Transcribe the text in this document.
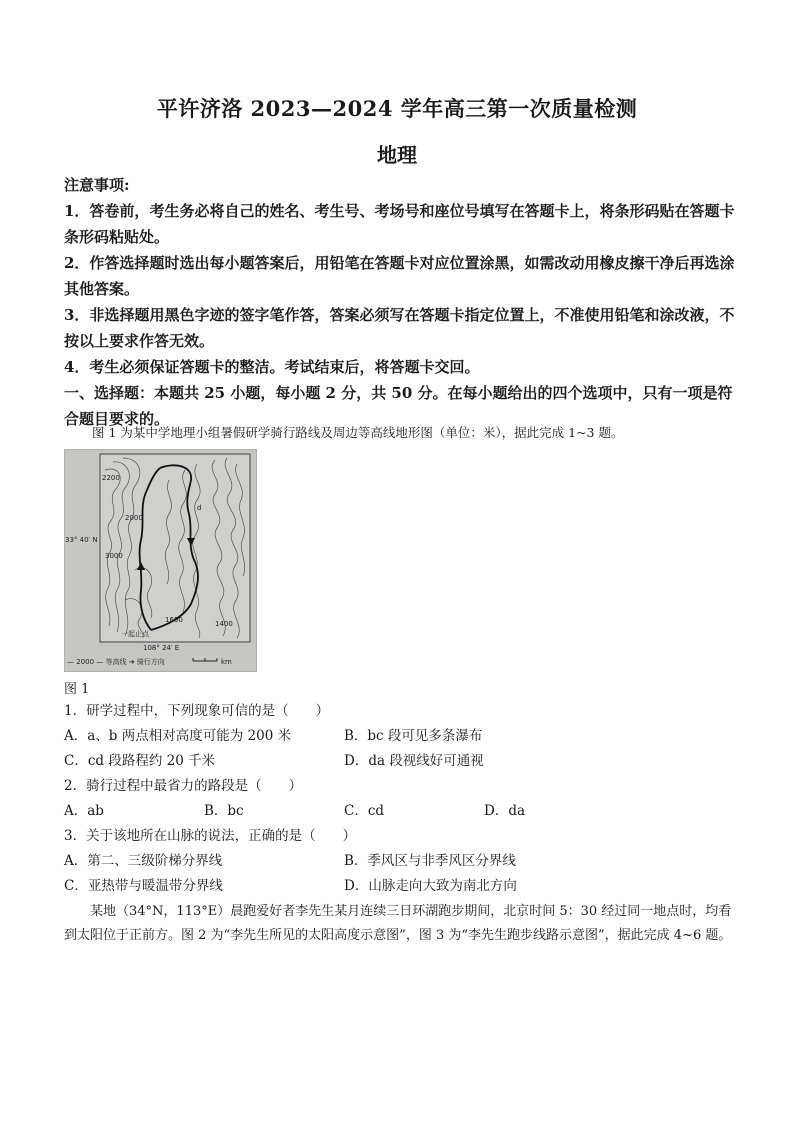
平许济洛 2023—2024 学年高三第一次质量检测
地理

注意事项:

1．答卷前，考生务必将自己的姓名、考生号、考场号和座位号填写在答题卡上，将条形码贴在答题卡条形码粘贴处。

2．作答选择题时选出每小题答案后，用铅笔在答题卡对应位置涂黑，如需改动用橡皮擦干净后再选涂其他答案。

3．非选择题用黑色字迹的签字笔作答，答案必须写在答题卡指定位置上，不准使用铅笔和涂改液，不按以上要求作答无效。

4．考生必须保证答题卡的整洁。考试结束后，将答题卡交回。

一、选择题：本题共 25 小题，每小题 2 分，共 50 分。在每小题给出的四个选项中，只有一项是符合题目要求的。

图 1 为某中学地理小组暑假研学骑行路线及周边等高线地形图（单位：米），据此完成 1~3 题。
2200
3000
2000
1600	1400
d
33° 40′ N
108° 24′ E
一起止点
— 2000 — 等高线 ➔ 骑行方向	km
图 1
1．研学过程中，下列现象可信的是（　　）
A．a、b 两点相对高度可能为 200 米	B．bc 段可见多条瀑布
C．cd 段路程约 20 千米	D．da 段视线好可通视
2．骑行过程中最省力的路段是（　　）
A．ab	B．bc	C．cd	D．da
3．关于该地所在山脉的说法，正确的是（　　）
A．第二、三级阶梯分界线	B．季风区与非季风区分界线
C．亚热带与暖温带分界线	D．山脉走向大致为南北方向
某地（34°N，113°E）晨跑爱好者李先生某月连续三日环湖跑步期间，北京时间 5：30 经过同一地点时，均看到太阳位于正前方。图 2 为“李先生所见的太阳高度示意图”，图 3 为“李先生跑步线路示意图”，据此完成 4~6 题。
